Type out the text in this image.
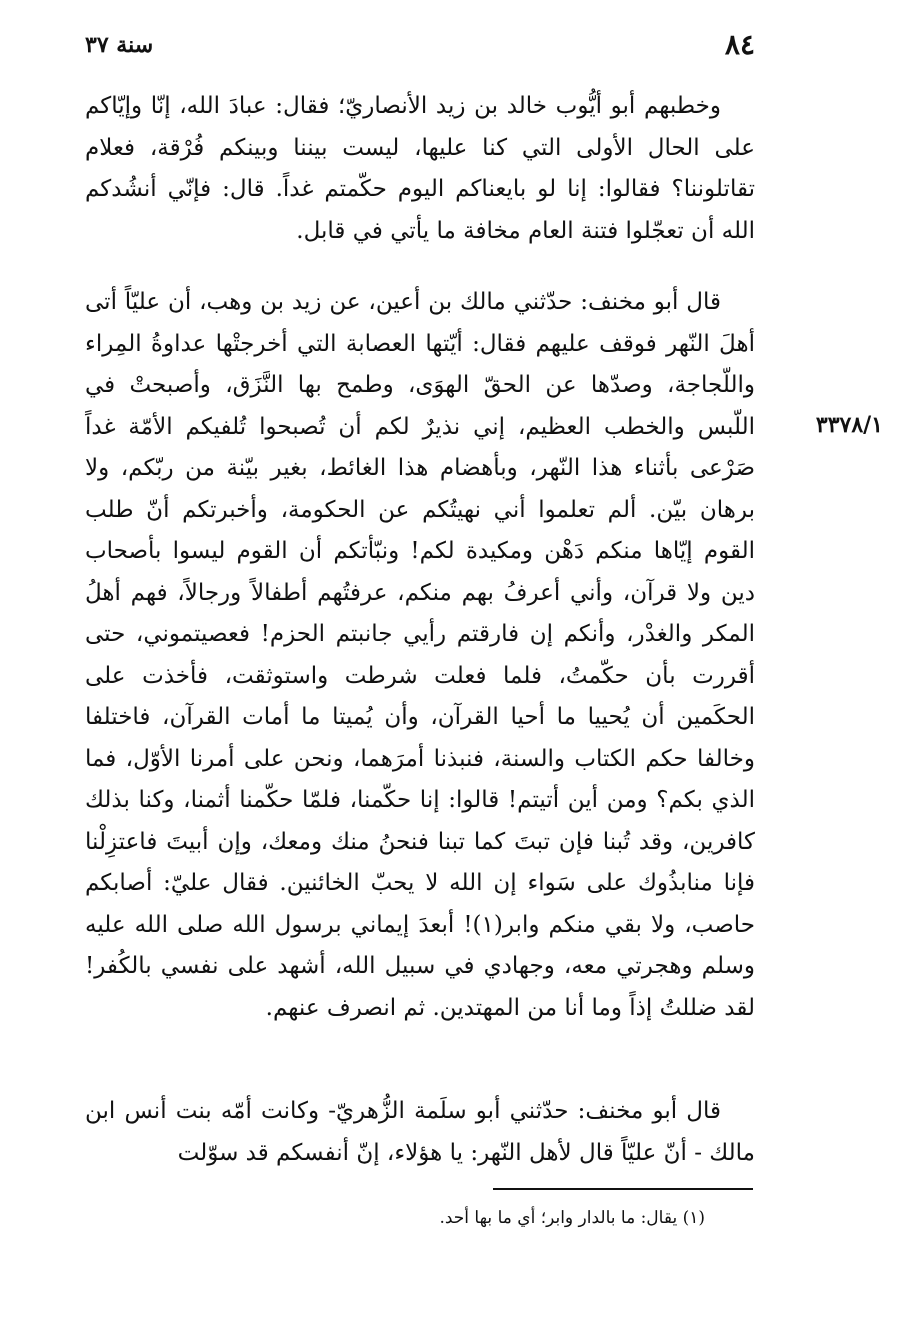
٨٤
سنة ٣٧

وخطبهم أبو أيُّوب خالد بن زيد الأنصاريّ؛ فقال: عبادَ الله، إنّا وإيّاكم على الحال الأولى التي كنا عليها، ليست بيننا وبينكم فُرْقة، فعلام تقاتلوننا؟ فقالوا: إنا لو بايعناكم اليوم حكّمتم غداً. قال: فإنّي أنشُدكم الله أن تعجّلوا فتنة العام مخافة ما يأتي في قابل.

قال أبو مخنف: حدّثني مالك بن أعين، عن زيد بن وهب، أن عليّاً أتى أهلَ النّهر فوقف عليهم فقال: أيّتها العصابة التي أخرجتْها عداوةُ المِراء واللّجاجة، وصدّها عن الحقّ الهوَى، وطمح بها النَّزَق، وأصبحتْ في اللّبس والخطب العظيم، إني نذيرٌ لكم أن تُصبحوا تُلفيكم الأمّة غداً صَرْعى بأثناء هذا النّهر، وبأهضام هذا الغائط، بغير بيّنة من ربّكم، ولا برهان بيّن. ألم تعلموا أني نهيتُكم عن الحكومة، وأخبرتكم أنّ طلب القوم إيّاها منكم دَهْن ومكيدة لكم! ونبّأتكم أن القوم ليسوا بأصحاب دين ولا قرآن، وأني أعرفُ بهم منكم، عرفتُهم أطفالاً ورجالاً، فهم أهلُ المكر والغدْر، وأنكم إن فارقتم رأيي جانبتم الحزم! فعصيتموني، حتى أقررت بأن حكّمتُ، فلما فعلت شرطت واستوثقت، فأخذت على الحكَمين أن يُحييا ما أحيا القرآن، وأن يُميتا ما أمات القرآن، فاختلفا وخالفا حكم الكتاب والسنة، فنبذنا أمرَهما، ونحن على أمرنا الأوّل، فما الذي بكم؟ ومن أين أتيتم! قالوا: إنا حكّمنا، فلمّا حكّمنا أثمنا، وكنا بذلك كافرين، وقد تُبنا فإن تبتَ كما تبنا فنحنُ منك ومعك، وإن أبيتَ فاعتزِلْنا فإنا منابذُوك على سَواء إن الله لا يحبّ الخائنين. فقال عليّ: أصابكم حاصب، ولا بقي منكم وابر(١)! أبعدَ إيماني برسول الله صلى الله عليه وسلم وهجرتي معه، وجهادي في سبيل الله، أشهد على نفسي بالكُفر! لقد ضللتُ إذاً وما أنا من المهتدين. ثم انصرف عنهم.

٣٣٧٨/١

قال أبو مخنف: حدّثني أبو سلَمة الزُّهريّ- وكانت أمّه بنت أنس ابن مالك - أنّ عليّاً قال لأهل النّهر: يا هؤلاء، إنّ أنفسكم قد سوّلت

(١) يقال: ما بالدار وابر؛ أي ما بها أحد.
